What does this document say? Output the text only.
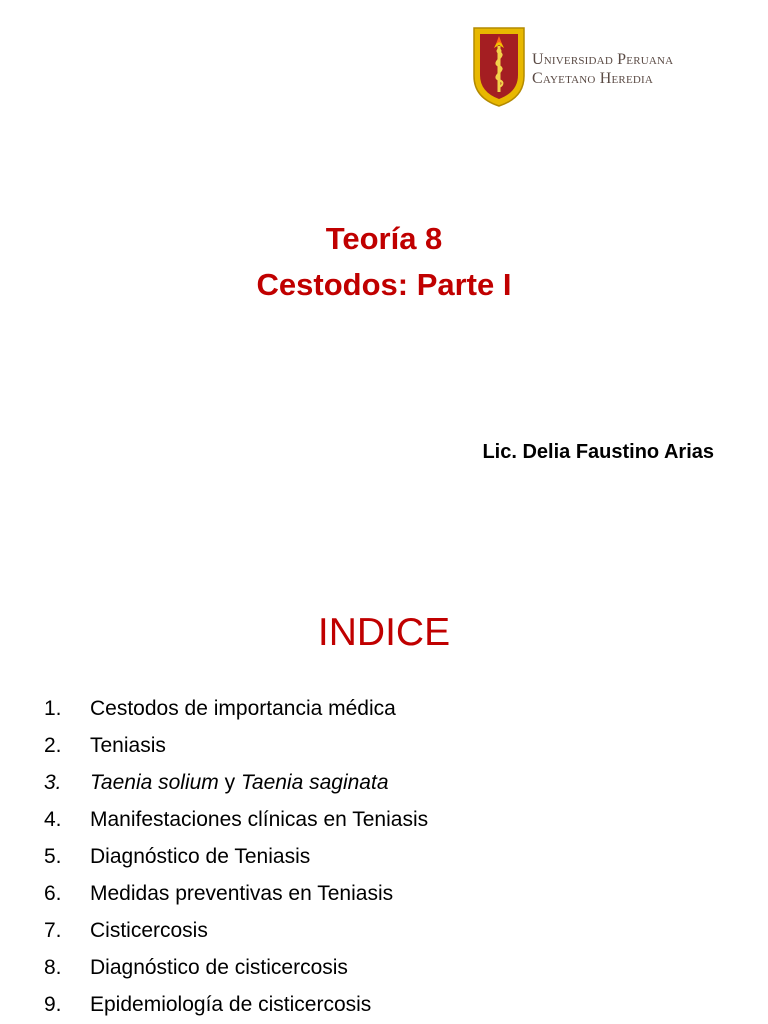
Universidad Peruana
Cayetano Heredia
Teoría 8
Cestodos: Parte I
Lic. Delia Faustino Arias
INDICE
1.	Cestodos de importancia médica
2.	Teniasis
3.	Taenia solium y Taenia saginata
4.	Manifestaciones clínicas en Teniasis
5.	Diagnóstico de Teniasis
6.	Medidas preventivas en Teniasis
7.	Cisticercosis
8.	Diagnóstico de cisticercosis
9.	Epidemiología de cisticercosis
